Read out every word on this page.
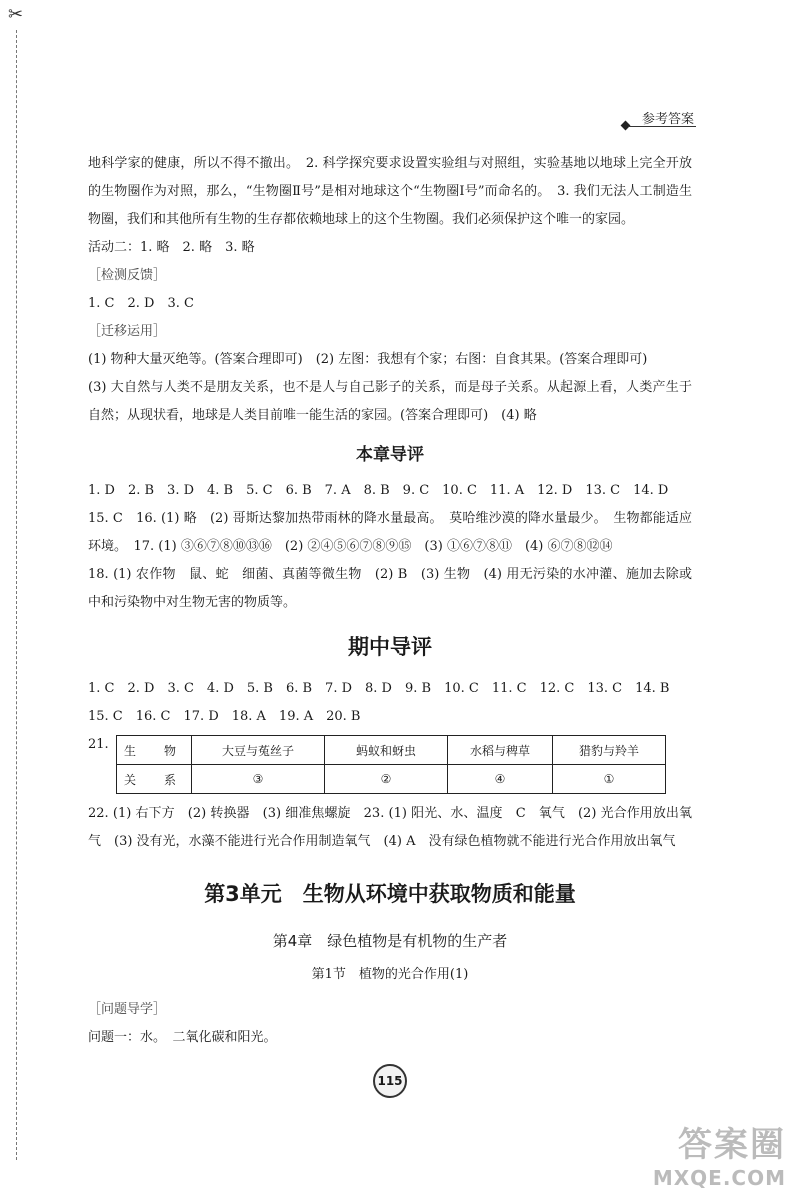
✂
参考答案

地科学家的健康，所以不得不撤出。　2. 科学探究要求设置实验组与对照组，实验基地以地球上完全开放的生物圈作为对照，那么，“生物圈Ⅱ号”是相对地球这个“生物圈Ⅰ号”而命名的。　3. 我们无法人工制造生物圈，我们和其他所有生物的生存都依赖地球上的这个生物圈。我们必须保护这个唯一的家园。

活动二：1. 略　2. 略　3. 略

［检测反馈］

1. C　2. D　3. C

［迁移运用］

(1) 物种大量灭绝等。(答案合理即可)　(2) 左图：我想有个家；右图：自食其果。(答案合理即可)

(3) 大自然与人类不是朋友关系，也不是人与自己影子的关系，而是母子关系。从起源上看，人类产生于自然；从现状看，地球是人类目前唯一能生活的家园。(答案合理即可)　(4) 略

本章导评

1. D　2. B　3. D　4. B　5. C　6. B　7. A　8. B　9. C　10. C　11. A　12. D　13. C　14. D

15. C　16. (1) 略　(2) 哥斯达黎加热带雨林的降水量最高。　莫哈维沙漠的降水量最少。　生物都能适应环境。　17. (1) ③⑥⑦⑧⑩⑬⑯　(2) ②④⑤⑥⑦⑧⑨⑮　(3) ①⑥⑦⑧⑪　(4) ⑥⑦⑧⑫⑭

18. (1) 农作物　鼠、蛇　细菌、真菌等微生物　(2) B　(3) 生物　(4) 用无污染的水冲灌、施加去除或中和污染物中对生物无害的物质等。

期中导评

1. C　2. D　3. C　4. D　5. B　6. B　7. D　8. D　9. B　10. C　11. C　12. C　13. C　14. B

15. C　16. C　17. D　18. A　19. A　20. B

21.	生　物	大豆与菟丝子	蚂蚁和蚜虫	水稻与稗草	猎豹与羚羊
关　系	③	②	④	①

22. (1) 右下方　(2) 转换器　(3) 细准焦螺旋　23. (1) 阳光、水、温度　C　氧气　(2) 光合作用放出氧气　(3) 没有光，水藻不能进行光合作用制造氧气　(4) A　没有绿色植物就不能进行光合作用放出氧气

第3单元　生物从环境中获取物质和能量
第4章　绿色植物是有机物的生产者
第1节　植物的光合作用(1)

［问题导学］

问题一：水。　二氧化碳和阳光。

115
答案圈
MXQE.COM
